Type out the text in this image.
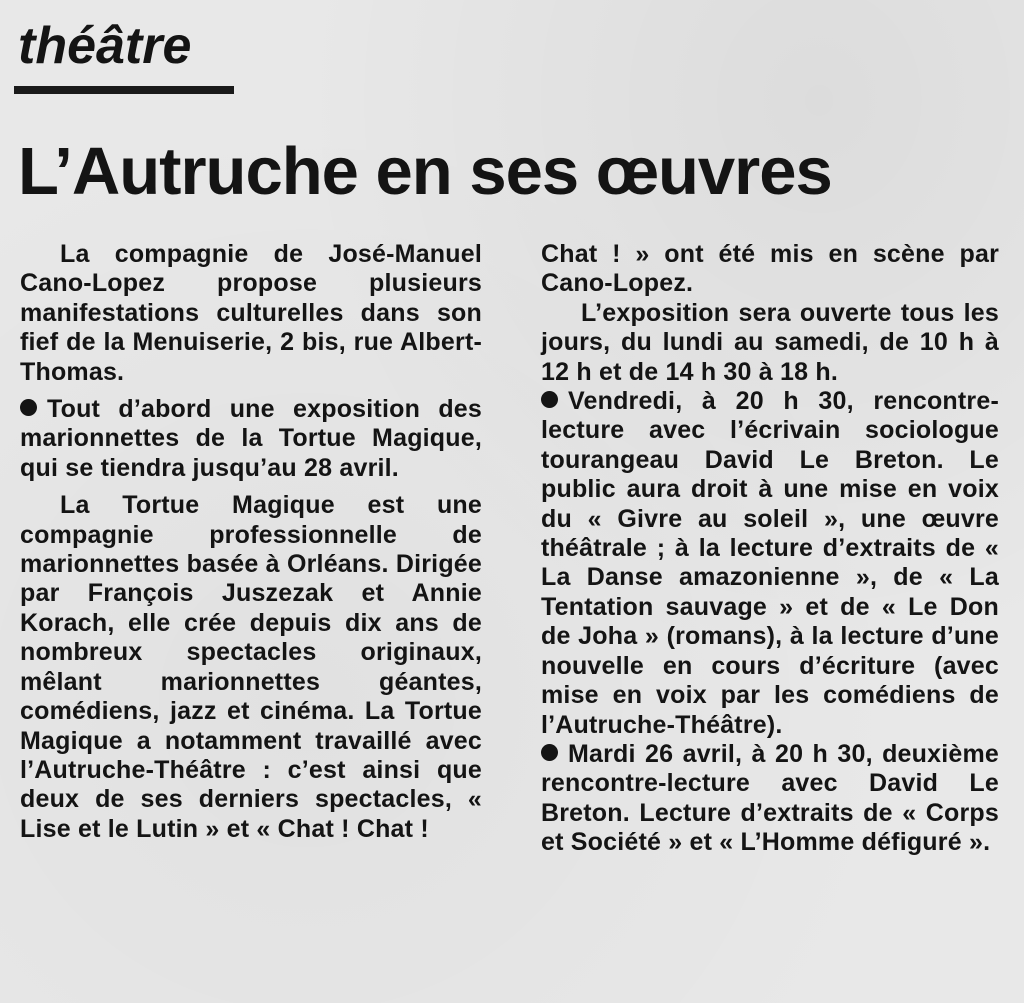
théâtre
L’Autruche en ses œuvres

La compagnie de José-Manuel Cano-Lopez propose plusieurs manifestations culturelles dans son fief de la Menuiserie, 2 bis, rue Albert-Thomas.

Tout d’abord une exposition des marionnettes de la Tortue Magique, qui se tiendra jusqu’au 28 avril.

La Tortue Magique est une compagnie professionnelle de marionnettes basée à Orléans. Dirigée par François Juszezak et Annie Korach, elle crée depuis dix ans de nombreux spectacles originaux, mêlant marionnettes géantes, comédiens, jazz et cinéma. La Tortue Magique a notamment travaillé avec l’Autruche-Théâtre : c’est ainsi que deux de ses derniers spectacles, « Lise et le Lutin » et « Chat ! Chat !

Chat ! » ont été mis en scène par Cano-Lopez.

L’exposition sera ouverte tous les jours, du lundi au samedi, de 10 h à 12 h et de 14 h 30 à 18 h.

Vendredi, à 20 h 30, rencontre-lecture avec l’écrivain sociologue tourangeau David Le Breton. Le public aura droit à une mise en voix du « Givre au soleil », une œuvre théâtrale ; à la lecture d’extraits de « La Danse amazonienne », de « La Tentation sauvage » et de « Le Don de Joha » (romans), à la lecture d’une nouvelle en cours d’écriture (avec mise en voix par les comédiens de l’Autruche-Théâtre).

Mardi 26 avril, à 20 h 30, deuxième rencontre-lecture avec David Le Breton. Lecture d’extraits de « Corps et Société » et « L’Homme défiguré ».
